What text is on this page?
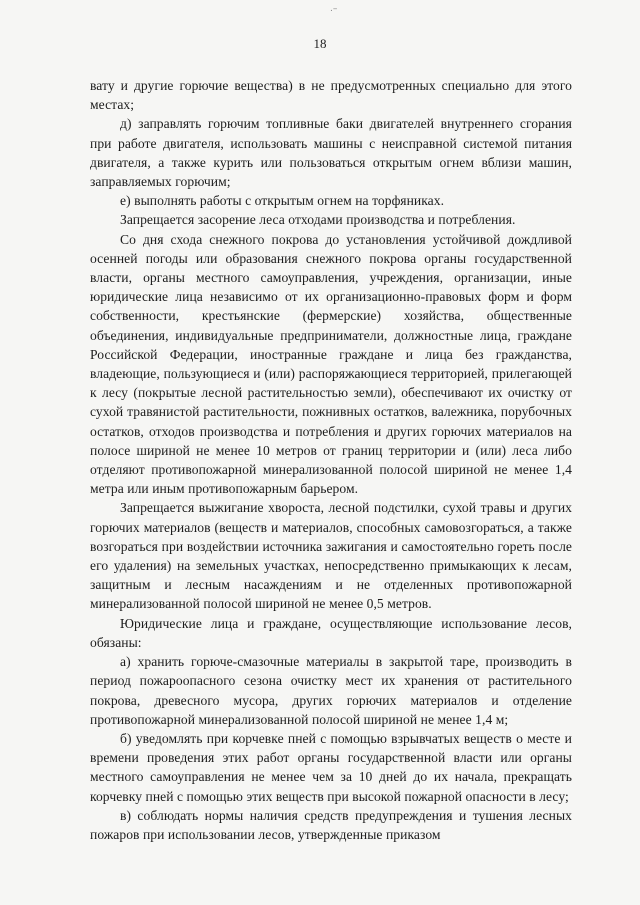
.–
18

вату и другие горючие вещества) в не предусмотренных специально для этого местах;

д) заправлять горючим топливные баки двигателей внутреннего сгорания при работе двигателя, использовать машины с неисправной системой питания двигателя, а также курить или пользоваться открытым огнем вблизи машин, заправляемых горючим;

е) выполнять работы с открытым огнем на торфяниках.

Запрещается засорение леса отходами производства и потребления.

Со дня схода снежного покрова до установления устойчивой дождливой осенней погоды или образования снежного покрова органы государственной власти, органы местного самоуправления, учреждения, организации, иные юридические лица независимо от их организационно-правовых форм и форм собственности, крестьянские (фермерские) хозяйства, общественные объединения, индивидуальные предприниматели, должностные лица, граждане Российской Федерации, иностранные граждане и лица без гражданства, владеющие, пользующиеся и (или) распоряжающиеся территорией, прилегающей к лесу (покрытые лесной растительностью земли), обеспечивают их очистку от сухой травянистой растительности, пожнивных остатков, валежника, порубочных остатков, отходов производства и потребления и других горючих материалов на полосе шириной не менее 10 метров от границ территории и (или) леса либо отделяют противопожарной минерализованной полосой шириной не менее 1,4 метра или иным противопожарным барьером.

Запрещается выжигание хвороста, лесной подстилки, сухой травы и других горючих материалов (веществ и материалов, способных самовозгораться, а также возгораться при воздействии источника зажигания и самостоятельно гореть после его удаления) на земельных участках, непосредственно примыкающих к лесам, защитным и лесным насаждениям и не отделенных противопожарной минерализованной полосой шириной не менее 0,5 метров.

Юридические лица и граждане, осуществляющие использование лесов, обязаны:

а) хранить горюче-смазочные материалы в закрытой таре, производить в период пожароопасного сезона очистку мест их хранения от растительного покрова, древесного мусора, других горючих материалов и отделение противопожарной минерализованной полосой шириной не менее 1,4 м;

б) уведомлять при корчевке пней с помощью взрывчатых веществ о месте и времени проведения этих работ органы государственной власти или органы местного самоуправления не менее чем за 10 дней до их начала, прекращать корчевку пней с помощью этих веществ при высокой пожарной опасности в лесу;

в) соблюдать нормы наличия средств предупреждения и тушения лесных пожаров при использовании лесов, утвержденные приказом
